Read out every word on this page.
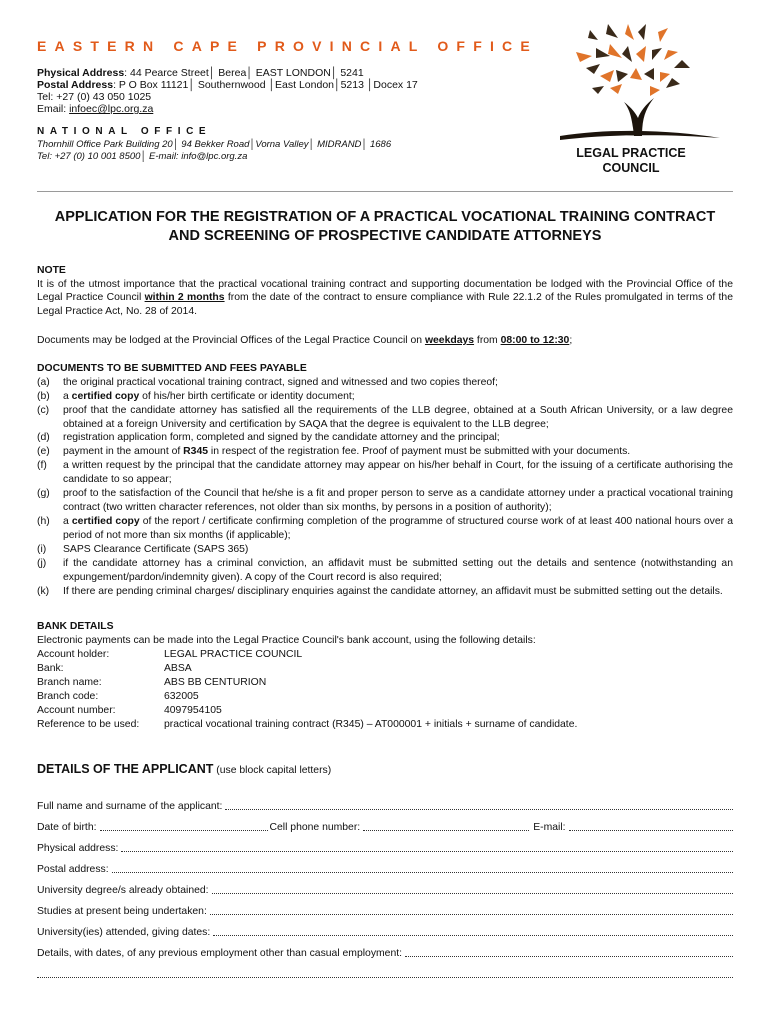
EASTERN CAPE PROVINCIAL OFFICE
Physical Address: 44 Pearce Street│ Berea│ EAST LONDON│ 5241
Postal Address: P O Box 11121│ Southernwood │East London│5213 │Docex 17
Tel: +27 (0) 43 050 1025
Email: infoec@lpc.org.za
NATIONAL OFFICE
Thornhill Office Park Building 20│ 94 Bekker Road│Vorna Valley│ MIDRAND│ 1686
Tel: +27 (0) 10 001 8500│ E-mail: info@lpc.org.za	LEGAL PRACTICE
COUNCIL
APPLICATION FOR THE REGISTRATION OF A PRACTICAL VOCATIONAL TRAINING CONTRACT
AND SCREENING OF PROSPECTIVE CANDIDATE ATTORNEYS
NOTE
It is of the utmost importance that the practical vocational training contract and supporting documentation be lodged with the Provincial Office of the Legal Practice Council within 2 months from the date of the contract to ensure compliance with Rule 22.1.2 of the Rules promulgated in terms of the Legal Practice Act, No. 28 of 2014.
Documents may be lodged at the Provincial Offices of the Legal Practice Council on weekdays from 08:00 to 12:30;
DOCUMENTS TO BE SUBMITTED AND FEES PAYABLE
(a) the original practical vocational training contract, signed and witnessed and two copies thereof;
(b) a certified copy of his/her birth certificate or identity document;
(c) proof that the candidate attorney has satisfied all the requirements of the LLB degree, obtained at a South African University, or a law degree obtained at a foreign University and certification by SAQA that the degree is equivalent to the LLB degree;
(d) registration application form, completed and signed by the candidate attorney and the principal;
(e) payment in the amount of R345 in respect of the registration fee. Proof of payment must be submitted with your documents.
(f) a written request by the principal that the candidate attorney may appear on his/her behalf in Court, for the issuing of a certificate authorising the candidate to so appear;
(g) proof to the satisfaction of the Council that he/she is a fit and proper person to serve as a candidate attorney under a practical vocational training contract (two written character references, not older than six months, by persons in a position of authority);
(h) a certified copy of the report / certificate confirming completion of the programme of structured course work of at least 400 national hours over a period of not more than six months (if applicable);
(i) SAPS Clearance Certificate (SAPS 365)
(j) if the candidate attorney has a criminal conviction, an affidavit must be submitted setting out the details and sentence (notwithstanding an expungement/pardon/indemnity given). A copy of the Court record is also required;
(k) If there are pending criminal charges/ disciplinary enquiries against the candidate attorney, an affidavit must be submitted setting out the details.
BANK DETAILS
Electronic payments can be made into the Legal Practice Council's bank account, using the following details:
Account holder:	LEGAL PRACTICE COUNCIL
Bank:	ABSA
Branch name:	ABS BB CENTURION
Branch code:	632005
Account number:	4097954105
Reference to be used: practical vocational training contract (R345) – AT000001 + initials + surname of candidate.
DETAILS OF THE APPLICANT (use block capital letters)
Full name and surname of the applicant:
Date of birth:	Cell phone number:	E-mail:
Physical address:
Postal address:
University degree/s already obtained:
Studies at present being undertaken:
University(ies) attended, giving dates:
Details, with dates, of any previous employment other than casual employment:
